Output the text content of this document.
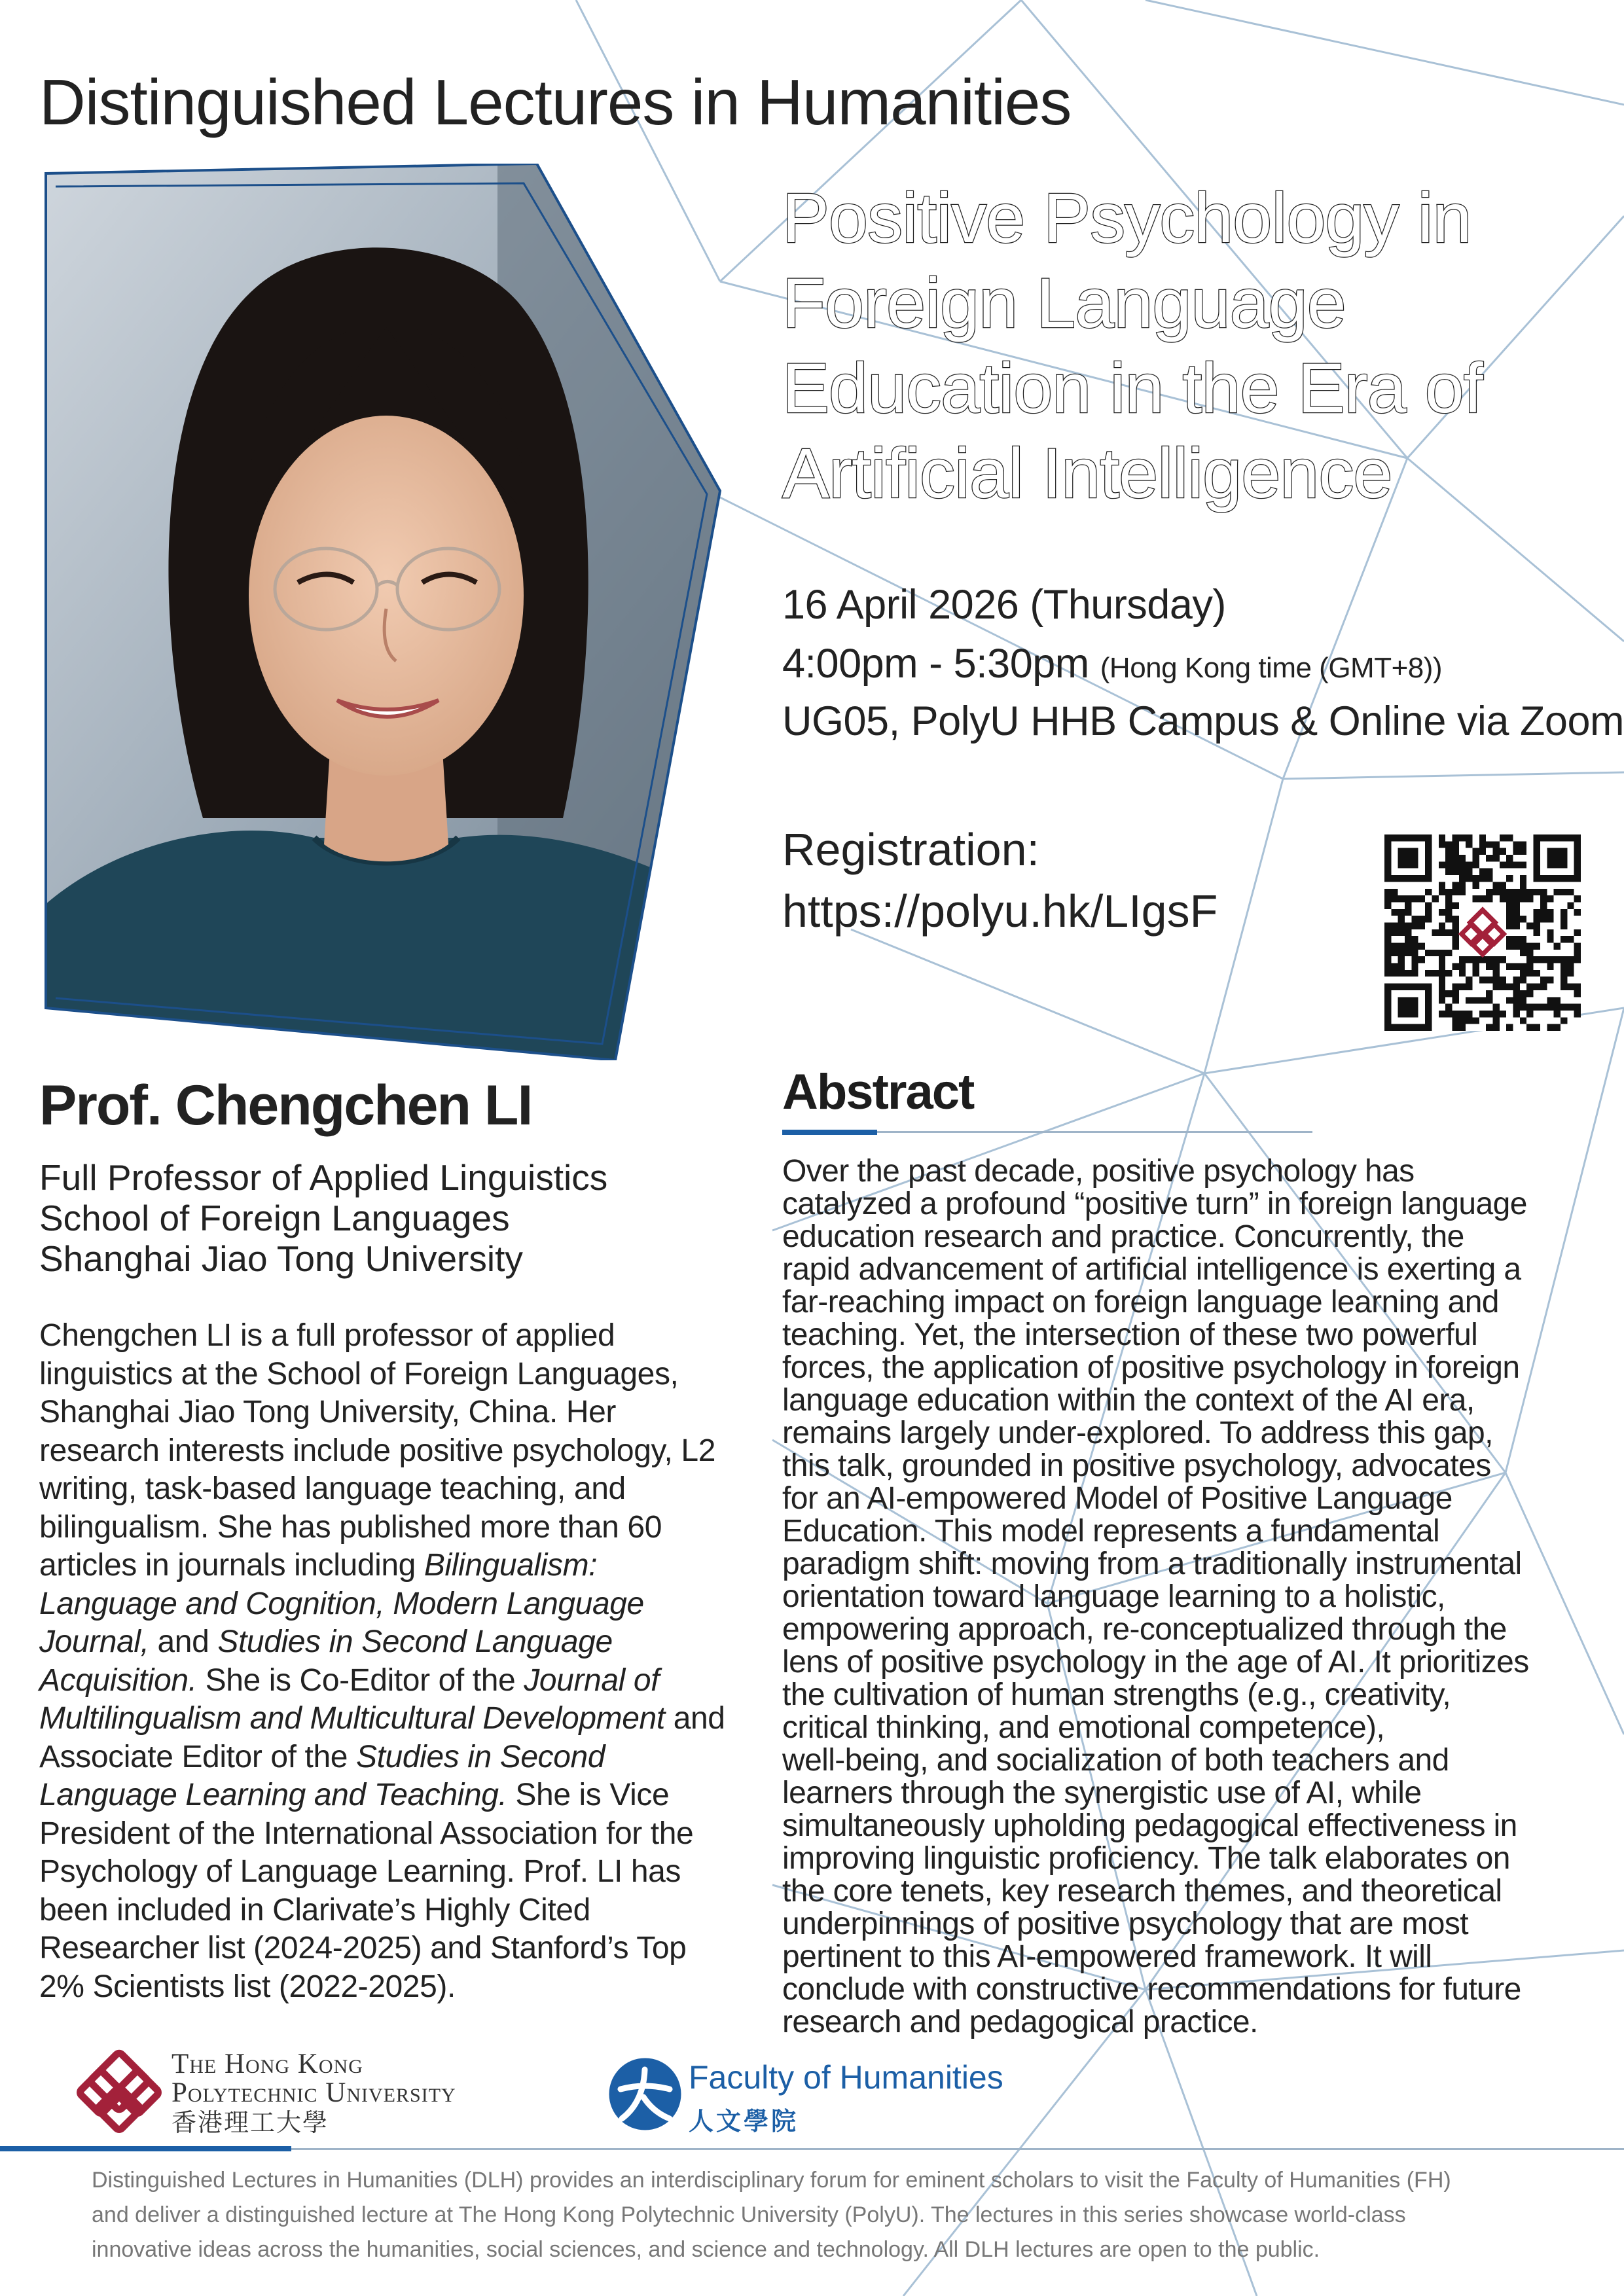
Distinguished Lectures in Humanities
Positive Psychology in
Foreign Language
Education in the Era of
Artificial Intelligence
16 April 2026 (Thursday)
4:00pm - 5:30pm (Hong Kong time (GMT+8))
UG05, PolyU HHB Campus & Online via Zoom
Registration:
https://polyu.hk/LIgsF
Abstract
Over the past decade, positive psychology has
catalyzed a profound “positive turn” in foreign language
education research and practice. Concurrently, the
rapid advancement of artificial intelligence is exerting a
far-reaching impact on foreign language learning and
teaching. Yet, the intersection of these two powerful
forces, the application of positive psychology in foreign
language education within the context of the AI era,
remains largely under-explored. To address this gap,
this talk, grounded in positive psychology, advocates
for an AI-empowered Model of Positive Language
Education. This model represents a fundamental
paradigm shift: moving from a traditionally instrumental
orientation toward language learning to a holistic,
empowering approach, re-conceptualized through the
lens of positive psychology in the age of AI. It prioritizes
the cultivation of human strengths (e.g., creativity,
critical thinking, and emotional competence),
well-being, and socialization of both teachers and
learners through the synergistic use of AI, while
simultaneously upholding pedagogical effectiveness in
improving linguistic proficiency. The talk elaborates on
the core tenets, key research themes, and theoretical
underpinnings of positive psychology that are most
pertinent to this AI-empowered framework. It will
conclude with constructive recommendations for future
research and pedagogical practice.
Prof. Chengchen LI
Full Professor of Applied Linguistics
School of Foreign Languages
Shanghai Jiao Tong University
Chengchen LI is a full professor of applied linguistics at the School of Foreign Languages, Shanghai Jiao Tong University, China. Her research interests include positive psychology, L2 writing, task-based language teaching, and bilingualism. She has published more than 60 articles in journals including Bilingualism: Language and Cognition, Modern Language Journal, and Studies in Second Language Acquisition. She is Co-Editor of the Journal of Multilingualism and Multicultural Development and Associate Editor of the Studies in Second Language Learning and Teaching. She is Vice President of the International Association for the Psychology of Language Learning. Prof. LI has been included in Clarivate’s Highly Cited Researcher list (2024-2025) and Stanford’s Top 2% Scientists list (2022-2025).
The Hong Kong
Polytechnic University
香港理工大學
Faculty of Humanities
人文學院
Distinguished Lectures in Humanities (DLH) provides an interdisciplinary forum for eminent scholars to visit the Faculty of Humanities (FH)
and deliver a distinguished lecture at The Hong Kong Polytechnic University (PolyU). The lectures in this series showcase world-class
innovative ideas across the humanities, social sciences, and science and technology. All DLH lectures are open to the public.
